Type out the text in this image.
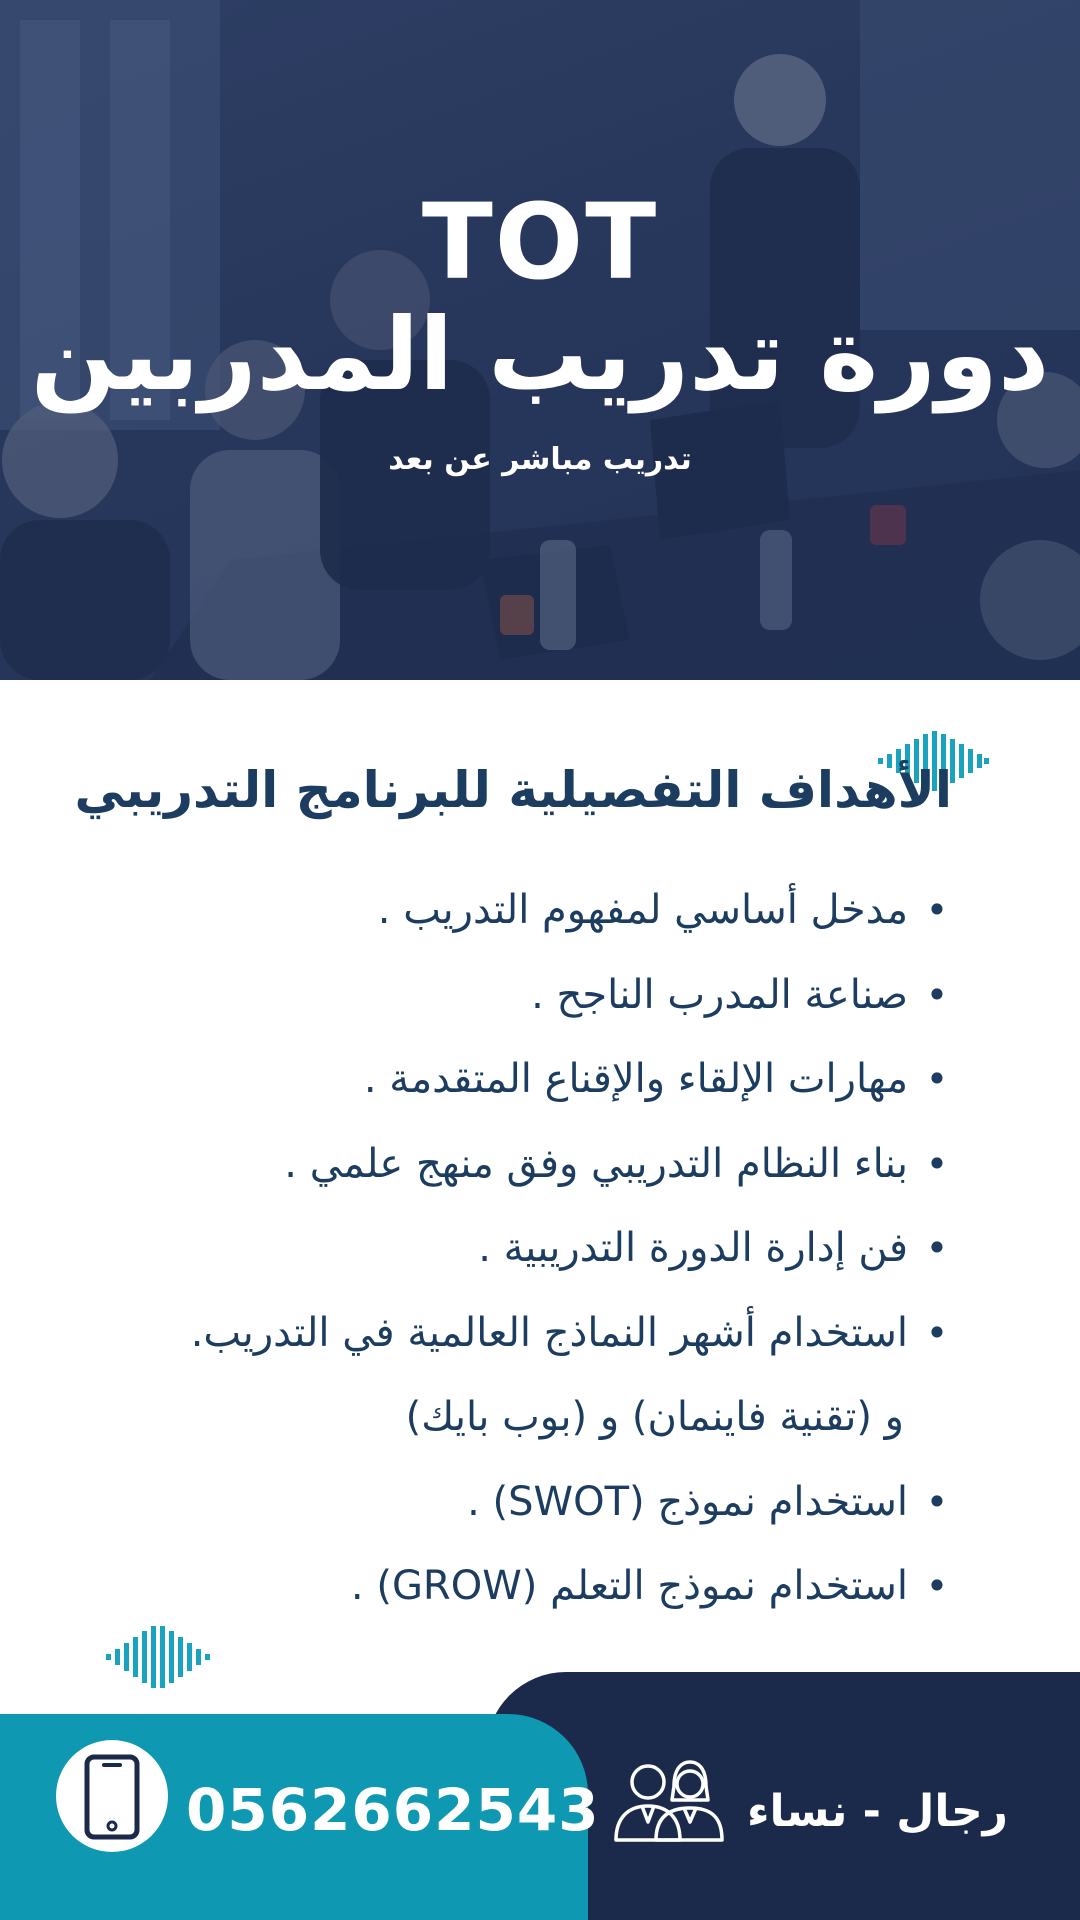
TOT
دورة تدريب المدربين
تدريب مباشر عن بعد
الأهداف التفصيلية للبرنامج التدريبي
•
مدخل أساسي لمفهوم التدريب .
•
صناعة المدرب الناجح .
•
مهارات الإلقاء والإقناع المتقدمة .
•
بناء النظام التدريبي وفق منهج علمي .
•
فن إدارة الدورة التدريبية .
•
استخدام أشهر النماذج العالمية في التدريب.
و (تقنية فاينمان) و (بوب بايك)
•
استخدام نموذج (SWOT) .
•
استخدام نموذج التعلم (GROW) .
0562662543	رجال - نساء
